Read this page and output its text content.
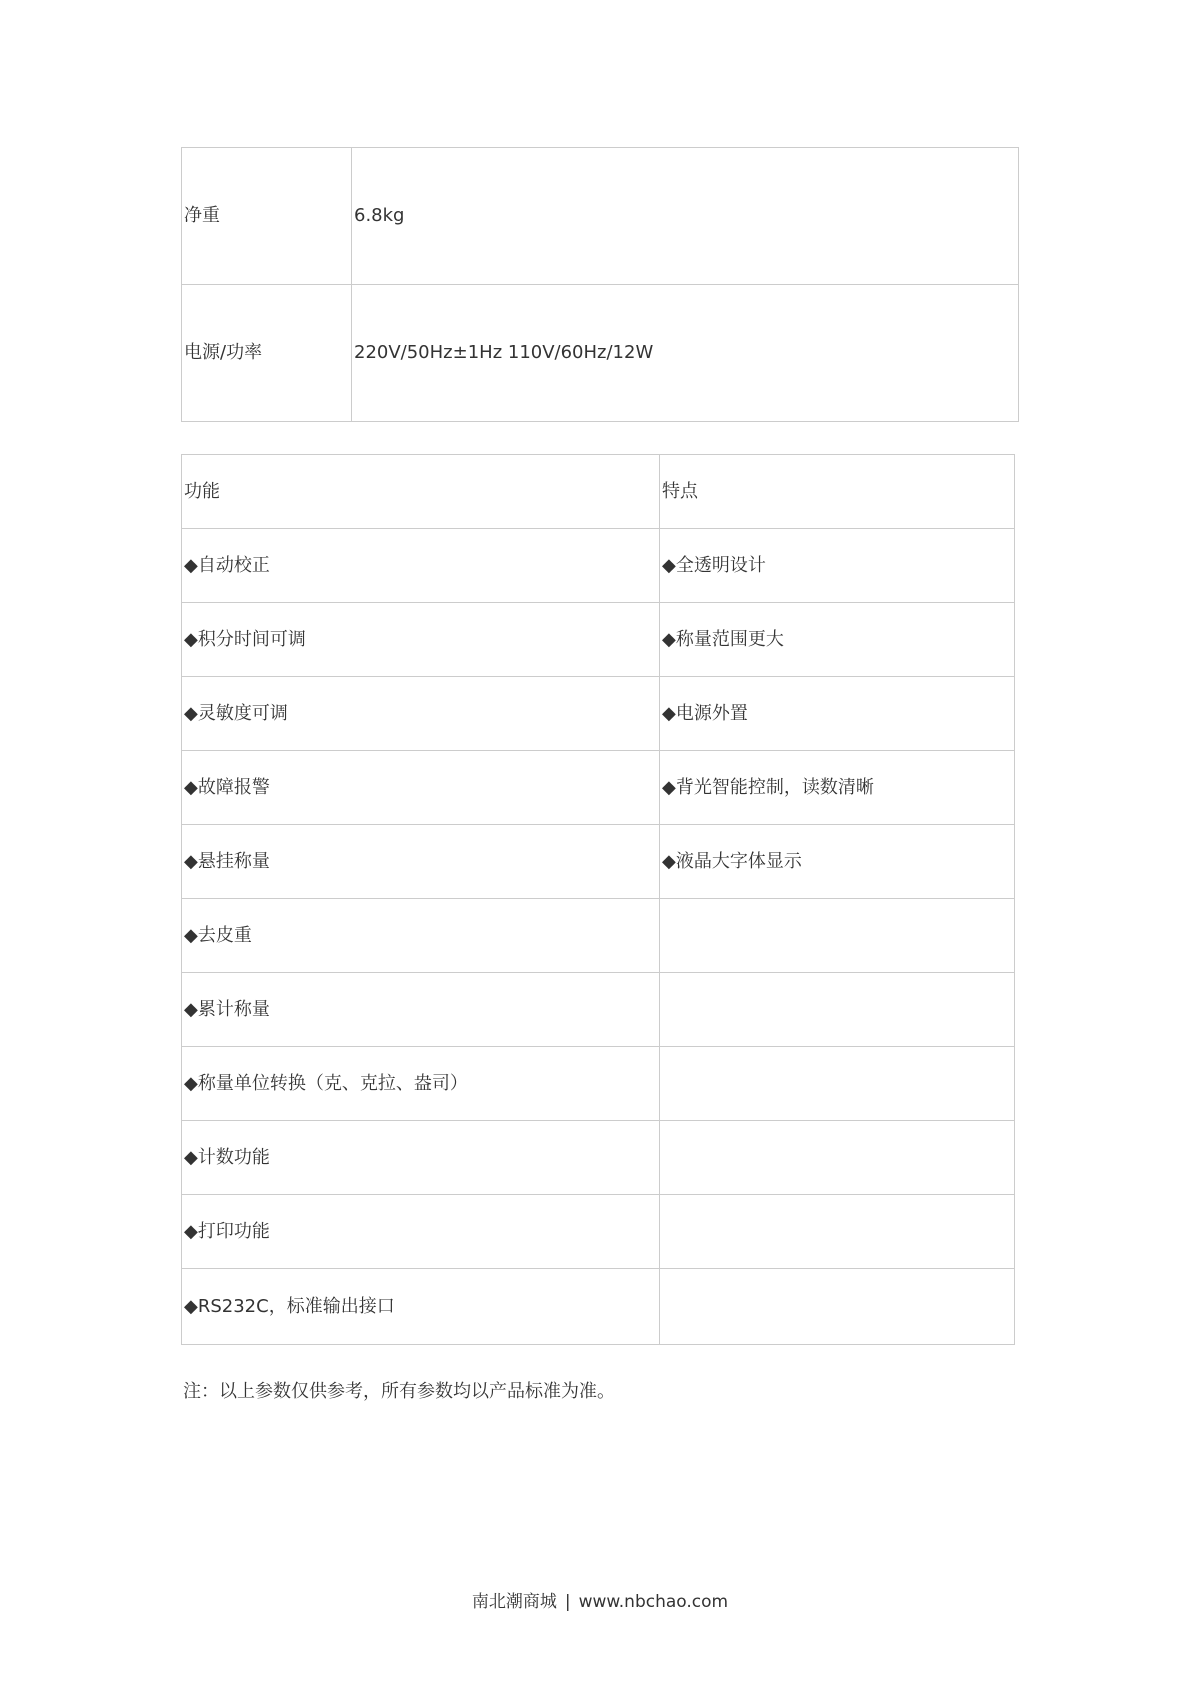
净重	6.8kg
电源/功率	220V/50Hz±1Hz 110V/60Hz/12W
功能	特点
◆自动校正	◆全透明设计
◆积分时间可调	◆称量范围更大
◆灵敏度可调	◆电源外置
◆故障报警	◆背光智能控制，读数清晰
◆悬挂称量	◆液晶大字体显示
◆去皮重	
◆累计称量	
◆称量单位转换（克、克拉、盎司）	
◆计数功能	
◆打印功能	
◆RS232C，标准输出接口	
注：以上参数仅供参考，所有参数均以产品标准为准。
南北潮商城 | www.nbchao.com
